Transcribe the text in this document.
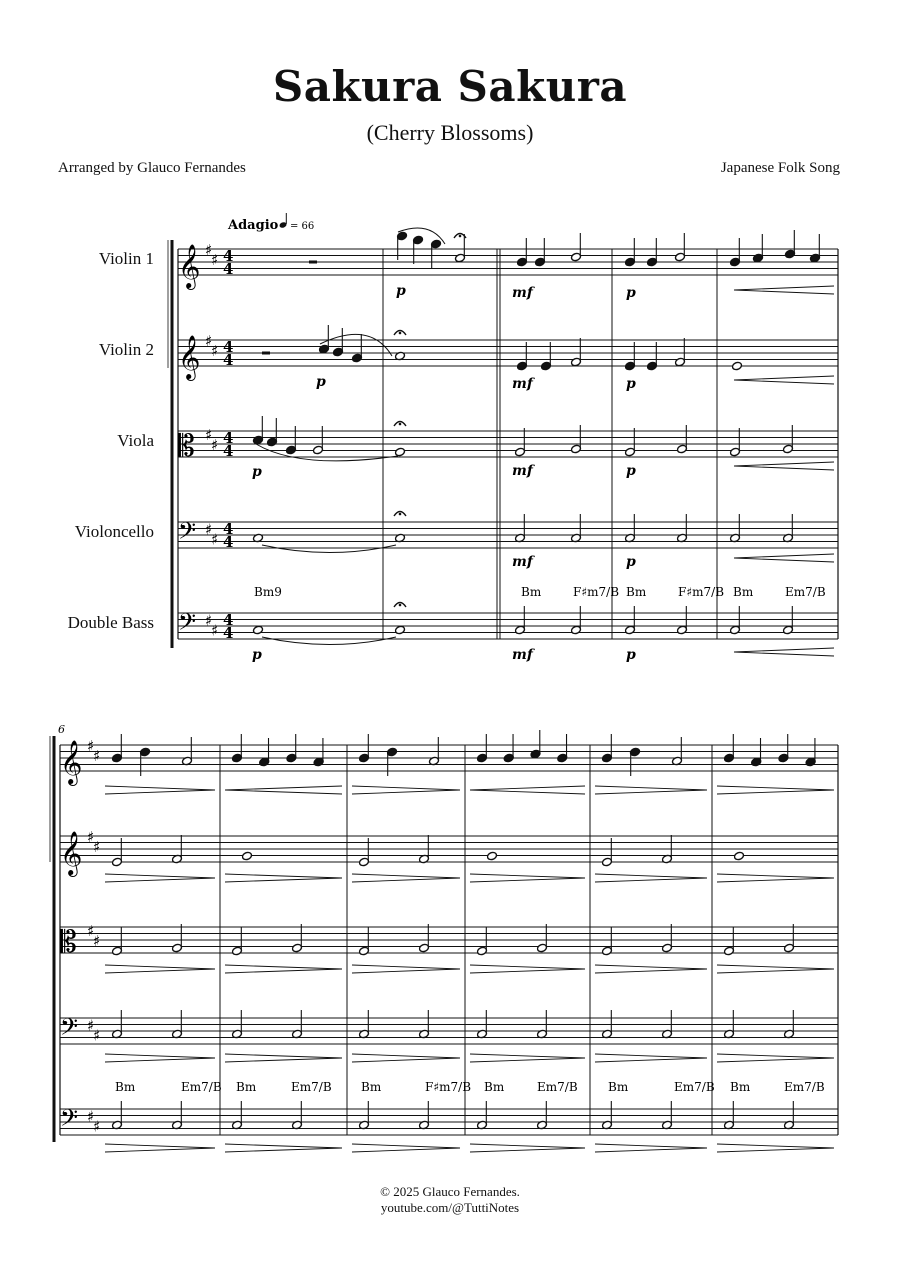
Sakura Sakura
(Cherry Blossoms)
Arranged by Glauco Fernandes	Japanese Folk Song
Violin 1
Violin 2
Viola
Violoncello
Double Bass
𝄞 ♯
♯
𝄞 ♯
♯
𝄡 ♯
♯
𝄢 ♯
♯
𝄢 ♯
♯
4
4
4
4
4
4
4
4
4
4
p	mf	p
p	mf	p
p	mf	p
mf	p
p	mf	p
𝄞 ♯
♯
𝄞 ♯
♯
𝄡 ♯
♯
𝄢 ♯
♯
𝄢 ♯
♯
Adagio = 66
6
Bm9	Bm	F♯m7/B Bm	F♯m7/B Bm	Em7/B
Bm	Em7/B Bm	Em7/B Bm	F♯m7/B Bm	Em7/B	Bm	Em7/B Bm	Em7/B
© 2025 Glauco Fernandes.
youtube.com/@TuttiNotes
